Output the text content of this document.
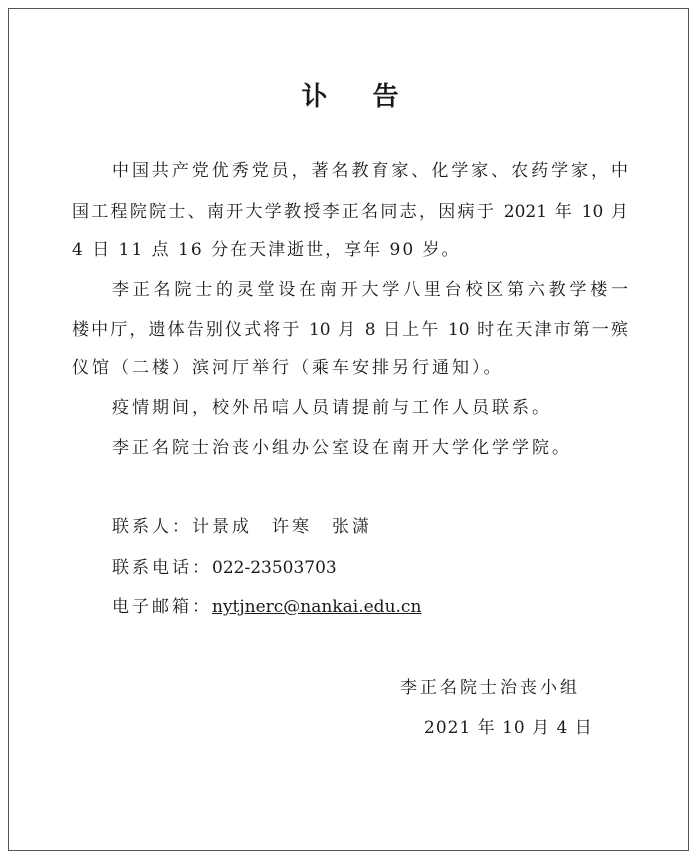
讣 告
中国共产党优秀党员，著名教育家、化学家、农药学家，中
国工程院院士、南开大学教授李正名同志，因病于 2021 年 10 月
4 日 11 点 16 分在天津逝世，享年 90 岁。
李正名院士的灵堂设在南开大学八里台校区第六教学楼一
楼中厅，遗体告别仪式将于 10 月 8 日上午 10 时在天津市第一殡
仪馆（二楼）滨河厅举行（乘车安排另行通知）。
疫情期间，校外吊唁人员请提前与工作人员联系。
李正名院士治丧小组办公室设在南开大学化学学院。
联系人：计景成　许寒　张潇
联系电话：022-23503703
电子邮箱：nytjnerc@nankai.edu.cn
李正名院士治丧小组
2021 年 10 月 4 日
